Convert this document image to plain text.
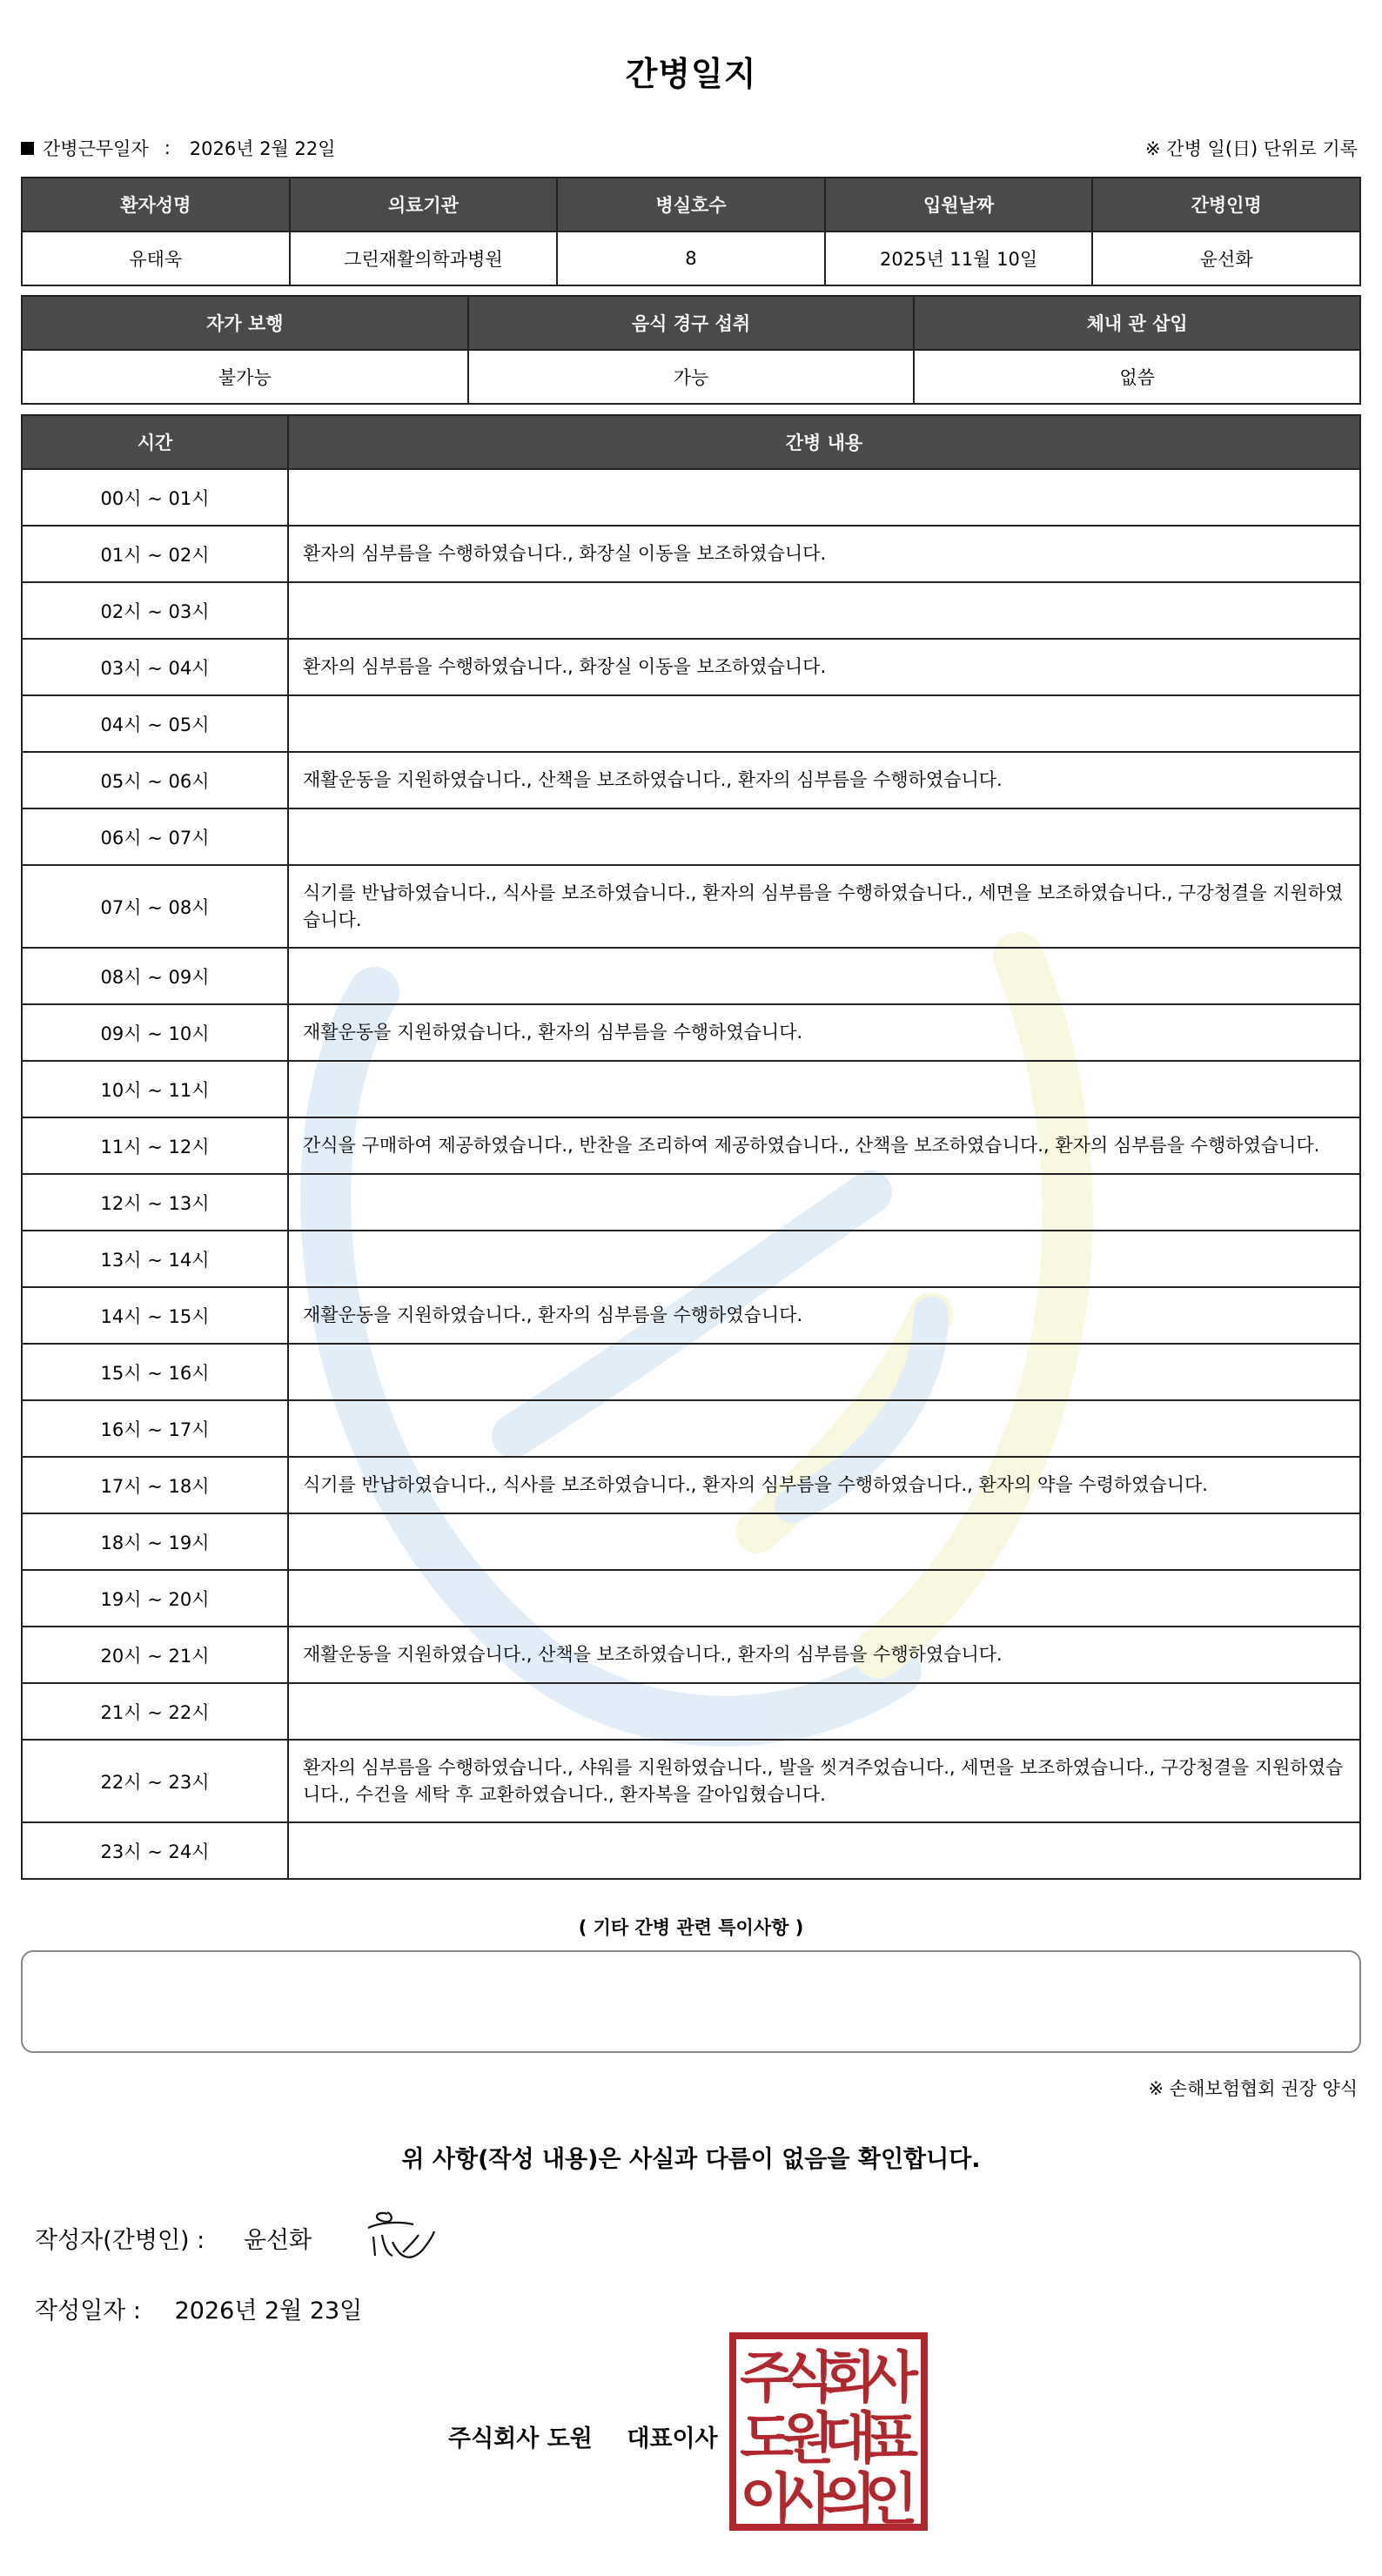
간병일지
간병근무일자 : 2026년 2월 22일	※ 간병 일(日) 단위로 기록
환자성명	의료기관	병실호수	입원날짜	간병인명
유태욱	그린재활의학과병원	8	2025년 11월 10일	윤선화
자가 보행	음식 경구 섭취	체내 관 삽입
불가능	가능	없씀
시간	간병 내용
00시 ~ 01시	
01시 ~ 02시	환자의 심부름을 수행하였습니다., 화장실 이동을 보조하였습니다.
02시 ~ 03시	
03시 ~ 04시	환자의 심부름을 수행하였습니다., 화장실 이동을 보조하였습니다.
04시 ~ 05시	
05시 ~ 06시	재활운동을 지원하였습니다., 산책을 보조하였습니다., 환자의 심부름을 수행하였습니다.
06시 ~ 07시	
07시 ~ 08시	식기를 반납하였습니다., 식사를 보조하였습니다., 환자의 심부름을 수행하였습니다., 세면을 보조하였습니다., 구강청결을 지원하였습니다.
08시 ~ 09시	
09시 ~ 10시	재활운동을 지원하였습니다., 환자의 심부름을 수행하였습니다.
10시 ~ 11시	
11시 ~ 12시	간식을 구매하여 제공하였습니다., 반찬을 조리하여 제공하였습니다., 산책을 보조하였습니다., 환자의 심부름을 수행하였습니다.
12시 ~ 13시	
13시 ~ 14시	
14시 ~ 15시	재활운동을 지원하였습니다., 환자의 심부름을 수행하였습니다.
15시 ~ 16시	
16시 ~ 17시	
17시 ~ 18시	식기를 반납하였습니다., 식사를 보조하였습니다., 환자의 심부름을 수행하였습니다., 환자의 약을 수령하였습니다.
18시 ~ 19시	
19시 ~ 20시	
20시 ~ 21시	재활운동을 지원하였습니다., 산책을 보조하였습니다., 환자의 심부름을 수행하였습니다.
21시 ~ 22시	
22시 ~ 23시	환자의 심부름을 수행하였습니다., 샤워를 지원하였습니다., 발을 씻겨주었습니다., 세면을 보조하였습니다., 구강청결을 지원하였습니다., 수건을 세탁 후 교환하였습니다., 환자복을 갈아입혔습니다.
23시 ~ 24시	
( 기타 간병 관련 특이사항 )
※ 손해보험협회 권장 양식
위 사항(작성 내용)은 사실과 다름이 없음을 확인합니다.
작성자(간병인) : 윤선화
작성일자 : 2026년 2월 23일
주식회사 도원 대표이사
주
식
회
사
도
원
대
표
이
사
의
인
